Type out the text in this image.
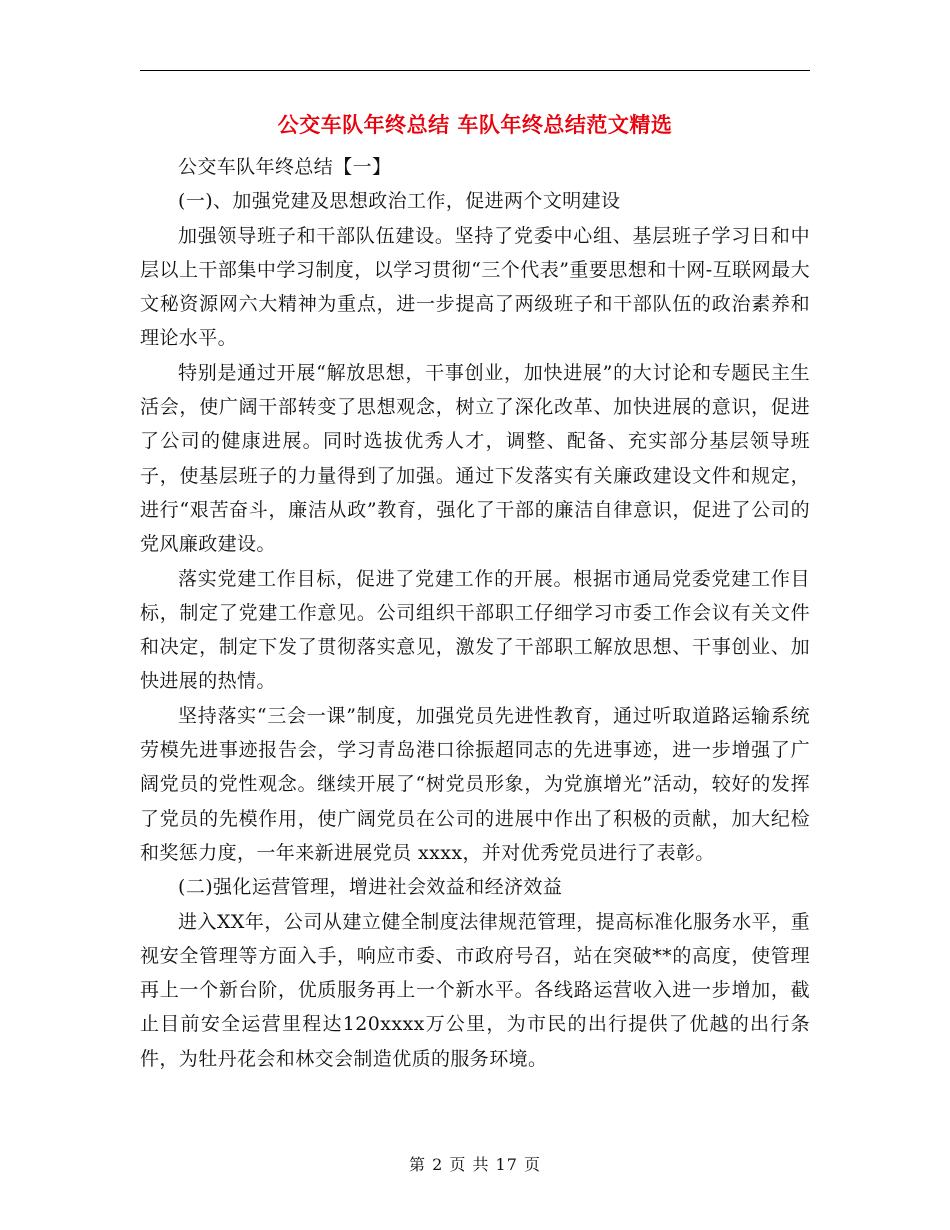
公交车队年终总结 车队年终总结范文精选

公交车队年终总结【一】

(一)、加强党建及思想政治工作，促进两个文明建设

加强领导班子和干部队伍建设。坚持了党委中心组、基层班子学习日和中层以上干部集中学习制度，以学习贯彻“三个代表”重要思想和十网-互联网最大文秘资源网六大精神为重点，进一步提高了两级班子和干部队伍的政治素养和理论水平。

特别是通过开展“解放思想，干事创业，加快进展”的大讨论和专题民主生活会，使广阔干部转变了思想观念，树立了深化改革、加快进展的意识，促进了公司的健康进展。同时选拔优秀人才，调整、配备、充实部分基层领导班子，使基层班子的力量得到了加强。通过下发落实有关廉政建设文件和规定，进行“艰苦奋斗，廉洁从政”教育，强化了干部的廉洁自律意识，促进了公司的党风廉政建设。

落实党建工作目标，促进了党建工作的开展。根据市通局党委党建工作目标，制定了党建工作意见。公司组织干部职工仔细学习市委工作会议有关文件和决定，制定下发了贯彻落实意见，激发了干部职工解放思想、干事创业、加快进展的热情。

坚持落实“三会一课”制度，加强党员先进性教育，通过听取道路运输系统劳模先进事迹报告会，学习青岛港口徐振超同志的先进事迹，进一步增强了广阔党员的党性观念。继续开展了“树党员形象，为党旗增光”活动，较好的发挥了党员的先模作用，使广阔党员在公司的进展中作出了积极的贡献，加大纪检和奖惩力度，一年来新进展党员 xxxx，并对优秀党员进行了表彰。

(二)强化运营管理，增进社会效益和经济效益

进入XX年，公司从建立健全制度法律规范管理，提高标准化服务水平，重视安全管理等方面入手，响应市委、市政府号召，站在突破**的高度，使管理再上一个新台阶，优质服务再上一个新水平。各线路运营收入进一步增加，截止目前安全运营里程达120xxxx万公里，为市民的出行提供了优越的出行条件，为牡丹花会和林交会制造优质的服务环境。

第 2 页 共 17 页
